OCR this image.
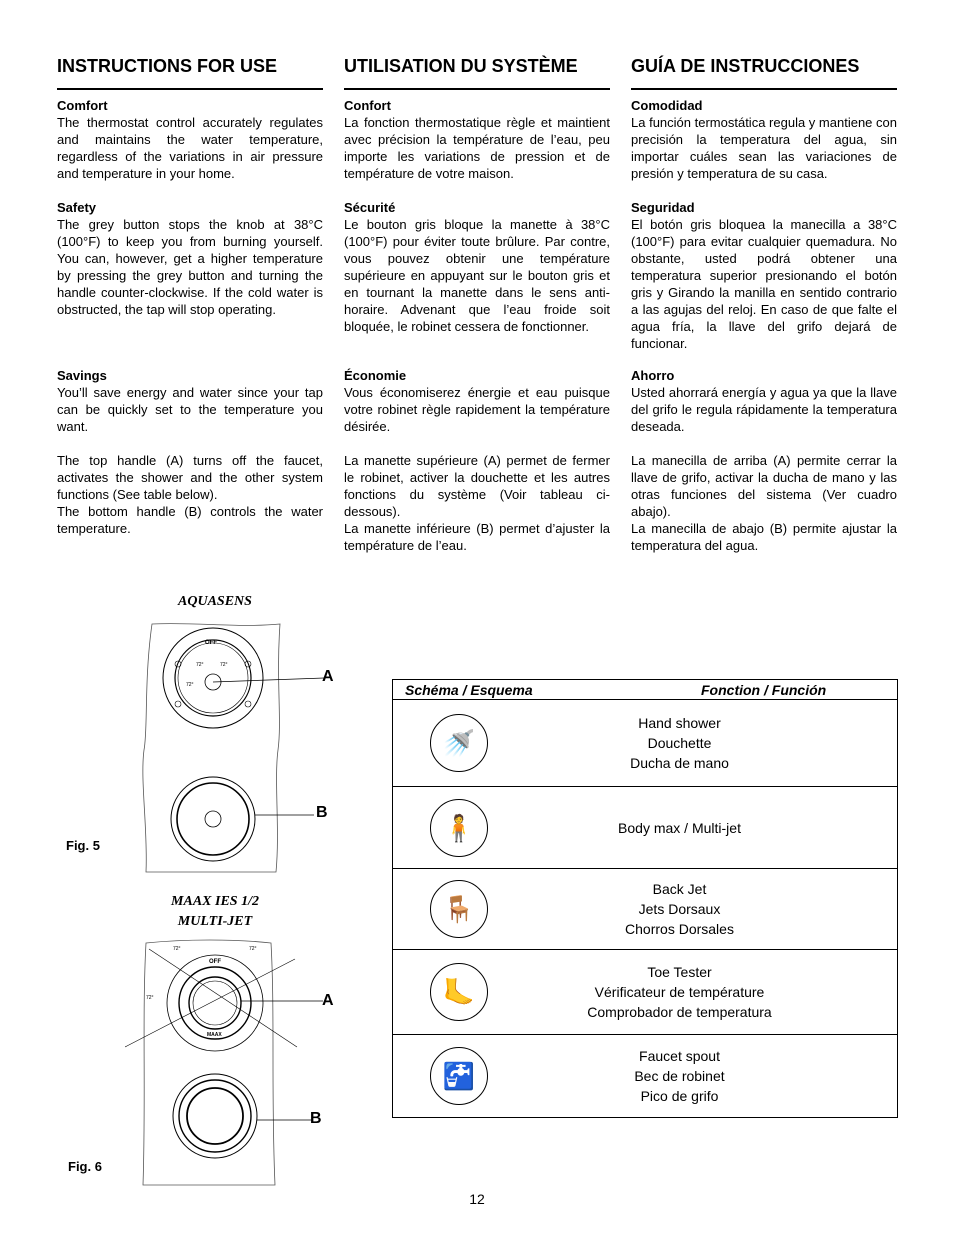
INSTRUCTIONS FOR USE

Comfort

The thermostat control accurately regulates and maintains the water temperature, regardless of the variations in air pressure and temperature in your home.

Safety

The grey button stops the knob at 38°C (100°F) to keep you from burning yourself. You can, however, get a higher temperature by pressing the grey button and turning the handle counter-clockwise. If the cold water is obstructed, the tap will stop operating.

Savings

You’ll save energy and water since your tap can be quickly set to the temperature you want.

The top handle (A) turns off the faucet, activates the shower and the other system functions (See table below).

The bottom handle (B) controls the water temperature.

UTILISATION DU SYSTÈME

Confort

La fonction thermostatique règle et maintient avec précision la température de l’eau, peu importe les variations de pression et de température de votre maison.

Sécurité

Le bouton gris bloque la manette à 38°C (100°F) pour éviter toute brûlure. Par contre, vous pouvez obtenir une température supérieure en appuyant sur le bouton gris et en tournant la manette dans le sens anti-horaire. Advenant que l’eau froide soit bloquée, le robinet cessera de fonctionner.

Économie

Vous économiserez énergie et eau puisque votre robinet règle rapidement la température désirée.

La manette supérieure (A) permet de fermer le robinet, activer la douchette et les autres fonctions du système (Voir tableau ci-dessous).

La manette inférieure (B) permet d’ajuster la température de l’eau.

GUÍA DE INSTRUCCIONES

Comodidad

La función termostática regula y mantiene con precisión la temperatura del agua, sin importar cuáles sean las variaciones de presión y temperatura de su casa.

Seguridad

El botón gris bloquea la manecilla a 38°C (100°F) para evitar cualquier quemadura. No obstante, usted podrá obtener una temperatura superior presionando el botón gris y Girando la manilla en sentido contrario a las agujas del reloj. En caso de que falte el agua fría, la llave del grifo dejará de funcionar.

Ahorro

Usted ahorrará energía y agua ya que la llave del grifo le regula rápidamente la temperatura deseada.

La manecilla de arriba (A) permite cerrar la llave de grifo, activar la ducha de mano y las otras funciones del sistema (Ver cuadro abajo).

La manecilla de abajo (B) permite ajustar la temperatura del agua.

AQUASENS
MAAX IES 1/2
MULTI-JET
OFF
72°	72°
72°	A
B
Fig. 5
OFF
MAAX
72°	72°
72°	A
B
Fig. 6
Schéma / Esquema	Fonction / Función

🚿	Hand shower
Douchette
Ducha de mano

🧍	Body max / Multi-jet

🪑	Back Jet
Jets Dorsaux
Chorros Dorsales

🦶	Toe Tester
Vérificateur de température
Comprobador de temperatura

🚰	Faucet spout
Bec de robinet
Pico de grifo
12
